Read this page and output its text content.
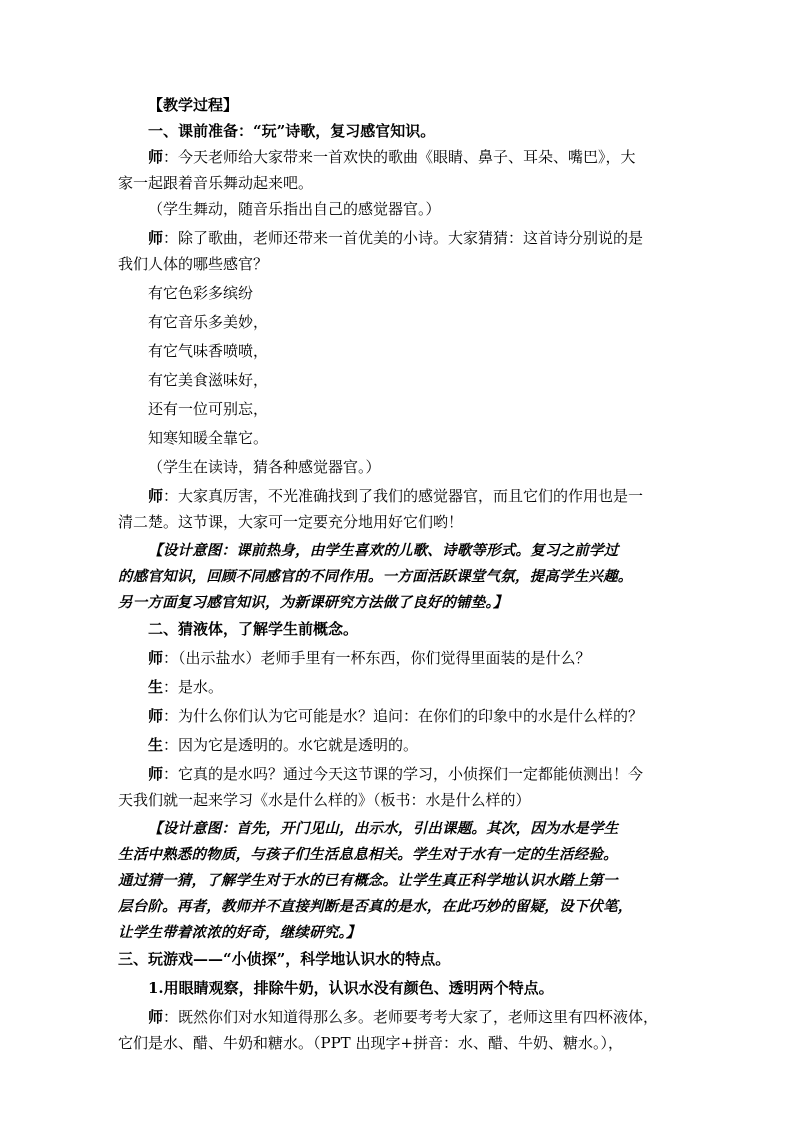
【教学过程】
一、课前准备：“玩”诗歌，复习感官知识。
师：今天老师给大家带来一首欢快的歌曲《眼睛、鼻子、耳朵、嘴巴》，大
家一起跟着音乐舞动起来吧。
（学生舞动，随音乐指出自己的感觉器官。）
师：除了歌曲，老师还带来一首优美的小诗。大家猜猜：这首诗分别说的是
我们人体的哪些感官？
有它色彩多缤纷
有它音乐多美妙，
有它气味香喷喷，
有它美食滋味好，
还有一位可别忘，
知寒知暖全靠它。
（学生在读诗，猜各种感觉器官。）
师：大家真厉害，不光准确找到了我们的感觉器官，而且它们的作用也是一
清二楚。这节课，大家可一定要充分地用好它们哟！
【设计意图：课前热身，由学生喜欢的儿歌、诗歌等形式。复习之前学过
的感官知识，回顾不同感官的不同作用。一方面活跃课堂气氛，提高学生兴趣。
另一方面复习感官知识，为新课研究方法做了良好的铺垫。】
二、猜液体，了解学生前概念。
师：（出示盐水）老师手里有一杯东西，你们觉得里面装的是什么？
生：是水。
师：为什么你们认为它可能是水？追问：在你们的印象中的水是什么样的？
生：因为它是透明的。水它就是透明的。
师：它真的是水吗？通过今天这节课的学习，小侦探们一定都能侦测出！今
天我们就一起来学习《水是什么样的》（板书：水是什么样的）
【设计意图：首先，开门见山，出示水，引出课题。其次，因为水是学生
生活中熟悉的物质，与孩子们生活息息相关。学生对于水有一定的生活经验。
通过猜一猜，了解学生对于水的已有概念。让学生真正科学地认识水踏上第一
层台阶。再者，教师并不直接判断是否真的是水，在此巧妙的留疑，设下伏笔，
让学生带着浓浓的好奇，继续研究。】
三、玩游戏——“小侦探”，科学地认识水的特点。
1.用眼睛观察，排除牛奶，认识水没有颜色、透明两个特点。
师：既然你们对水知道得那么多。老师要考考大家了，老师这里有四杯液体，
它们是水、醋、牛奶和糖水。（PPT 出现字+拼音：水、醋、牛奶、糖水。），
